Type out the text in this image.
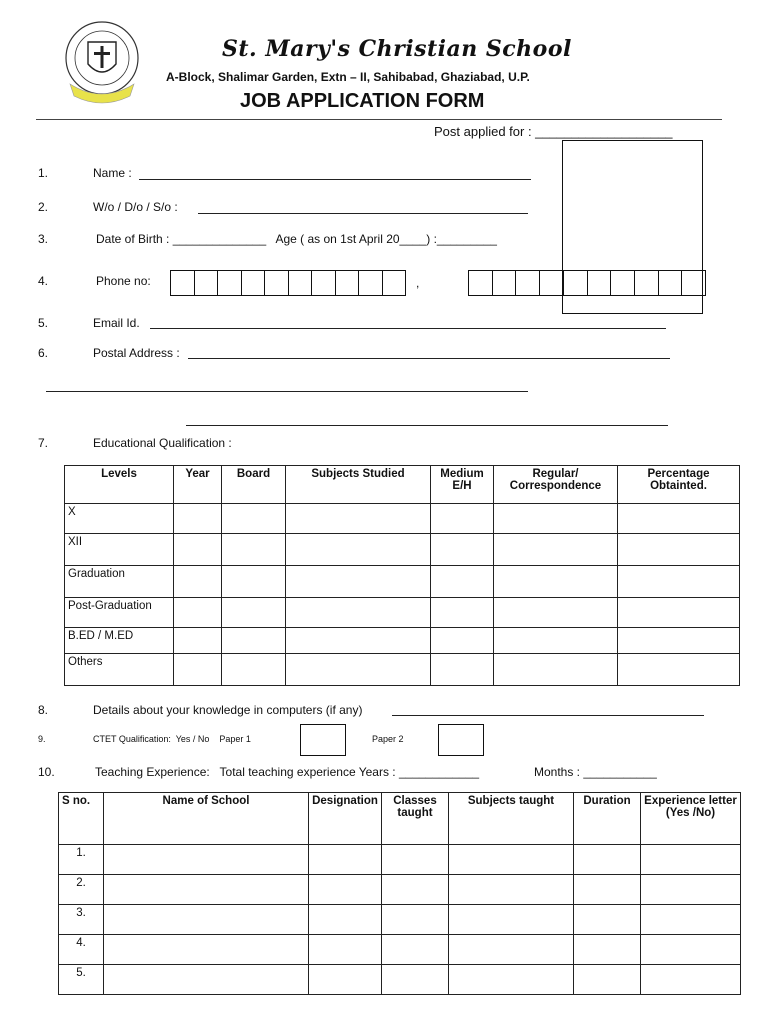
St. Mary's Christian School
A-Block, Shalimar Garden, Extn – II, Sahibabad, Ghaziabad, U.P.
JOB APPLICATION FORM
Post applied for : ___________________
1.	Name :
2.	W/o / D/o / S/o :
3.	Date of Birth : ______________   Age ( as on 1st April 20____) :_________
4.	Phone no:	,
5.	Email Id.
6.	Postal Address :
7.	Educational Qualification :
Levels	Year	Board	Subjects Studied	Medium E/H	Regular/ Correspondence	Percentage Obtainted.
X						
XII						
Graduation						
Post-Graduation						
B.ED / M.ED						
Others						
8.	Details about your knowledge in computers (if any)
9.	CTET Qualification:  Yes / No    Paper 1	Paper 2
10.	Teaching Experience:   Total teaching experience Years : ____________	Months : ___________
S no.	Name of School	Designation	Classes taught	Subjects taught	Duration	Experience letter (Yes /No)
1.						
2.						
3.						
4.						
5.						
